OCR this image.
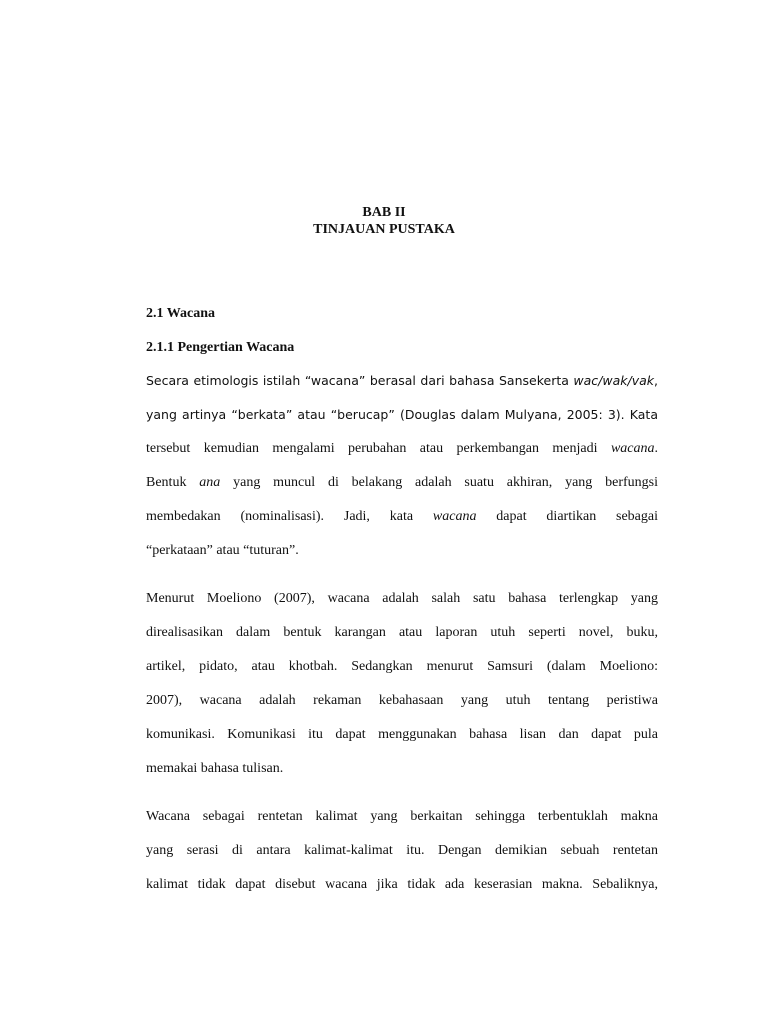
BAB II
TINJAUAN PUSTAKA
2.1 Wacana
2.1.1 Pengertian Wacana
Secara etimologis istilah “wacana” berasal dari bahasa Sansekerta wac/wak/vak,
yang artinya “berkata” atau “berucap” (Douglas dalam Mulyana, 2005: 3). Kata
tersebut kemudian mengalami perubahan atau perkembangan menjadi wacana.
Bentuk ana yang muncul di belakang adalah suatu akhiran, yang berfungsi
membedakan (nominalisasi). Jadi, kata wacana dapat diartikan sebagai
“perkataan” atau “tuturan”.
Menurut Moeliono (2007), wacana adalah salah satu bahasa terlengkap yang
direalisasikan dalam bentuk karangan atau laporan utuh seperti novel, buku,
artikel, pidato, atau khotbah. Sedangkan menurut Samsuri (dalam Moeliono:
2007), wacana adalah rekaman kebahasaan yang utuh tentang peristiwa
komunikasi. Komunikasi itu dapat menggunakan bahasa lisan dan dapat pula
memakai bahasa tulisan.
Wacana sebagai rentetan kalimat yang berkaitan sehingga terbentuklah makna
yang serasi di antara kalimat-kalimat itu. Dengan demikian sebuah rentetan
kalimat tidak dapat disebut wacana jika tidak ada keserasian makna. Sebaliknya,
